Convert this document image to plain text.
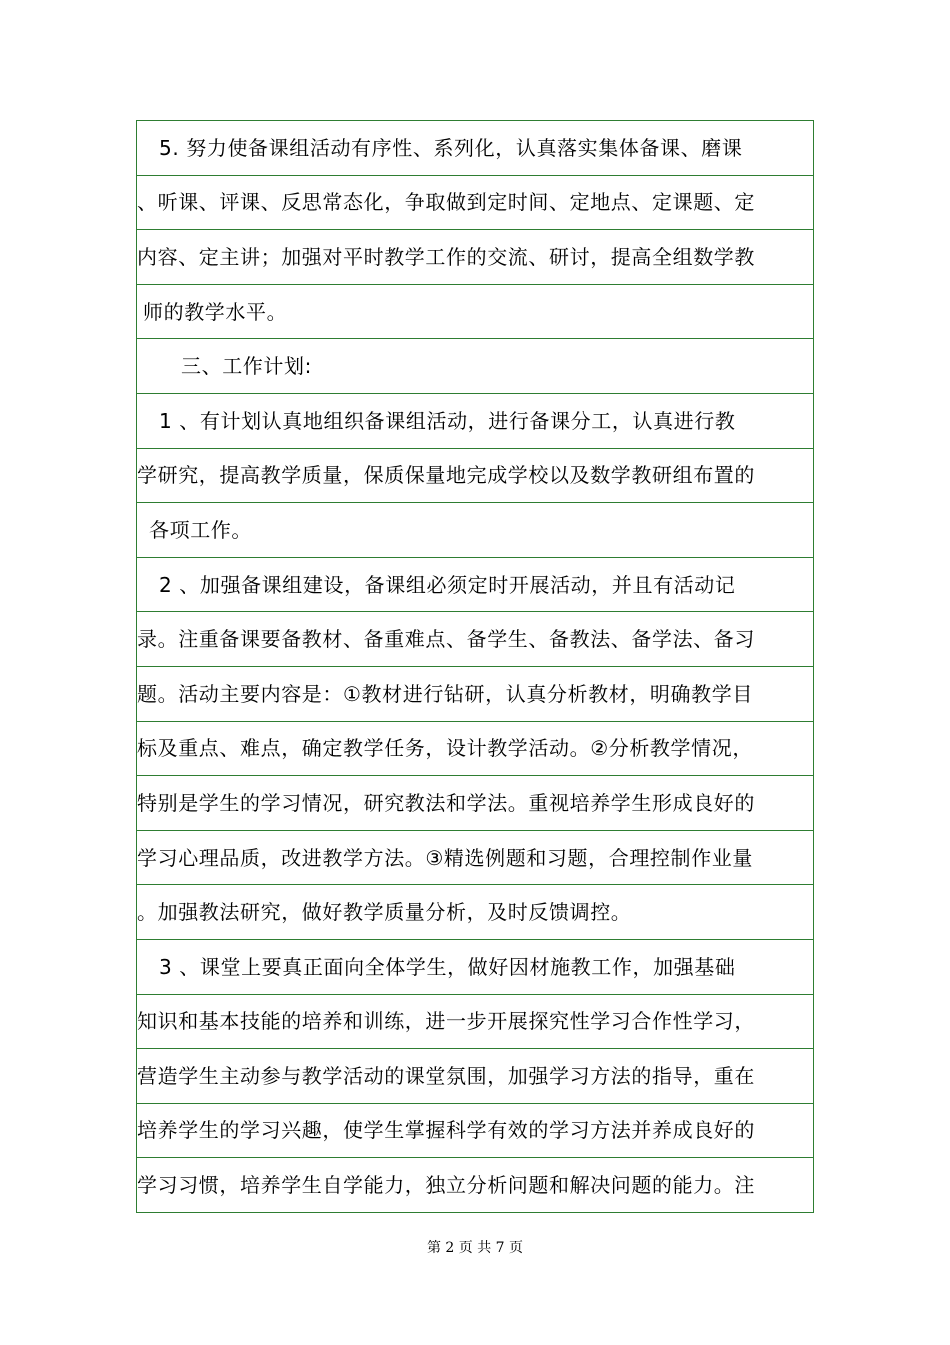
5. 努力使备课组活动有序性、系列化，认真落实集体备课、磨课
、听课、评课、反思常态化，争取做到定时间、定地点、定课题、定
内容、定主讲；加强对平时教学工作的交流、研讨，提高全组数学教
师的教学水平。
三、工作计划:
1 、有计划认真地组织备课组活动，进行备课分工，认真进行教
学研究，提高教学质量，保质保量地完成学校以及数学教研组布置的
各项工作。
2 、加强备课组建设，备课组必须定时开展活动，并且有活动记
录。注重备课要备教材、备重难点、备学生、备教法、备学法、备习
题。活动主要内容是：①教材进行钻研，认真分析教材，明确教学目
标及重点、难点，确定教学任务，设计教学活动。②分析教学情况，
特别是学生的学习情况，研究教法和学法。重视培养学生形成良好的
学习心理品质，改进教学方法。③精选例题和习题，合理控制作业量
。加强教法研究，做好教学质量分析，及时反馈调控。
3 、课堂上要真正面向全体学生，做好因材施教工作，加强基础
知识和基本技能的培养和训练，进一步开展探究性学习合作性学习，
营造学生主动参与教学活动的课堂氛围，加强学习方法的指导，重在
培养学生的学习兴趣，使学生掌握科学有效的学习方法并养成良好的
学习习惯，培养学生自学能力，独立分析问题和解决问题的能力。注
第 2 页 共 7 页
